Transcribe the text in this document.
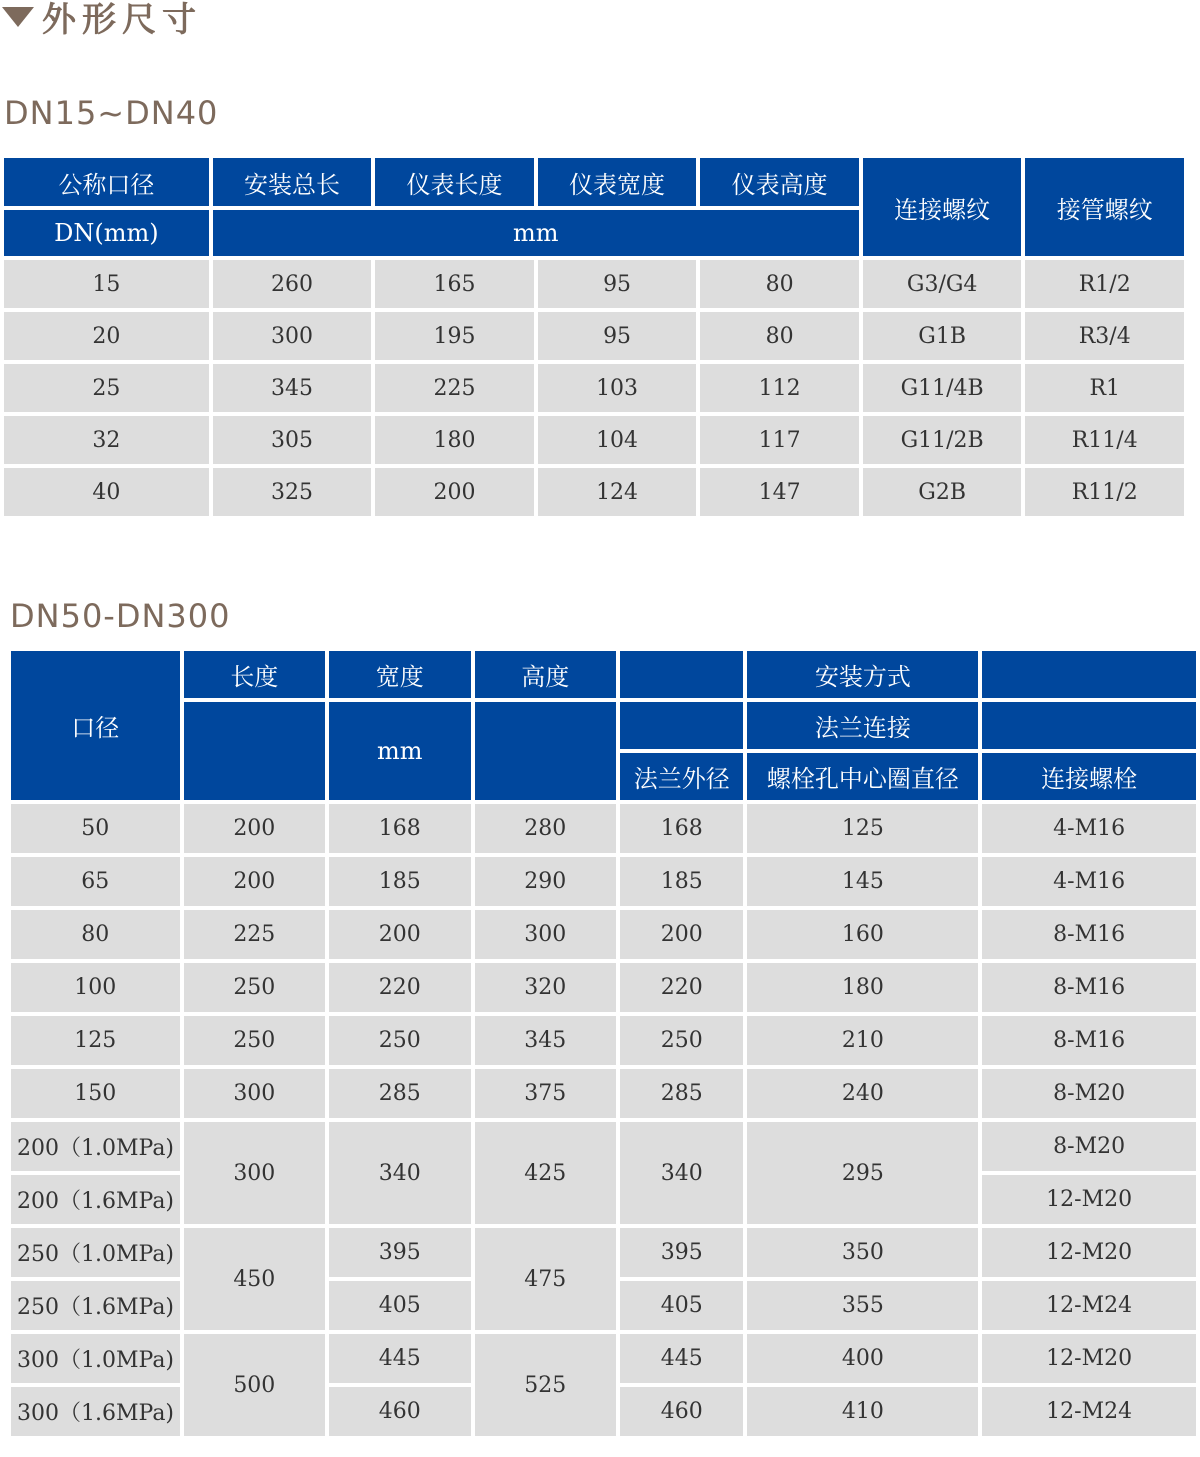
外形尺寸
DN15~DN40
公称口径	安装总长	仪表长度	仪表宽度	仪表高度	连接螺纹	接管螺纹
DN(mm)	mm					
15	260	165	95	80	G3/G4	R1/2
20	300	195	95	80	G1B	R3/4
25	345	225	103	112	G11/4B	R1
32	305	180	104	117	G11/2B	R11/4
40	325	200	124	147	G2B	R11/2
DN50-DN300
口径	长度	宽度	高度		安装方式	
		mm			法兰连接	
				法兰外径	螺栓孔中心圈直径	连接螺栓
50	200	168	280	168	125	4-M16
65	200	185	290	185	145	4-M16
80	225	200	300	200	160	8-M16
100	250	220	320	220	180	8-M16
125	250	250	345	250	210	8-M16
150	300	285	375	285	240	8-M20
200（1.0MPa)	300	340	425	340	295	8-M20
200（1.6MPa)						12-M20
250（1.0MPa)	450	395	475	395	350	12-M20
250（1.6MPa)		405		405	355	12-M24
300（1.0MPa)	500	445	525	445	400	12-M20
300（1.6MPa)		460		460	410	12-M24
